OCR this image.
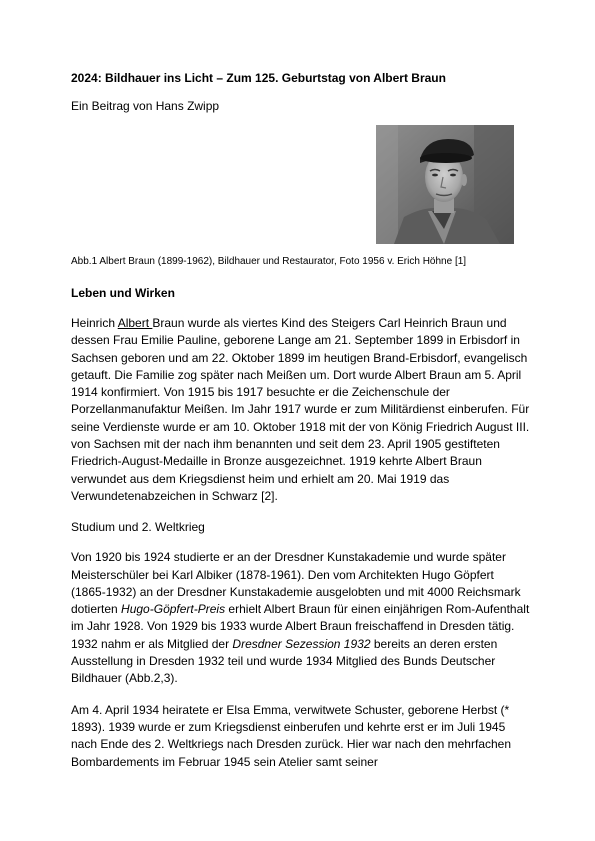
2024: Bildhauer ins Licht – Zum 125. Geburtstag von Albert Braun
Ein Beitrag von Hans Zwipp
Abb.1 Albert Braun (1899-1962), Bildhauer und Restaurator, Foto 1956 v. Erich Höhne [1]
Leben und Wirken

Heinrich Albert Braun wurde als viertes Kind des Steigers Carl Heinrich Braun und dessen Frau Emilie Pauline, geborene Lange am 21. September 1899 in Erbisdorf in Sachsen geboren und am 22. Oktober 1899 im heutigen Brand-Erbisdorf, evangelisch getauft. Die Familie zog später nach Meißen um. Dort wurde Albert Braun am 5. April 1914 konfirmiert. Von 1915 bis 1917 besuchte er die Zeichenschule der Porzellanmanufaktur Meißen. Im Jahr 1917 wurde er zum Militärdienst einberufen. Für seine Verdienste wurde er am 10. Oktober 1918 mit der von König Friedrich August III. von Sachsen mit der nach ihm benannten und seit dem 23. April 1905 gestifteten Friedrich-August-Medaille in Bronze ausgezeichnet. 1919 kehrte Albert Braun verwundet aus dem Kriegsdienst heim und erhielt am 20. Mai 1919 das Verwundetenabzeichen in Schwarz [2].

Studium und 2. Weltkrieg

Von 1920 bis 1924 studierte er an der Dresdner Kunstakademie und wurde später Meisterschüler bei Karl Albiker (1878-1961). Den vom Architekten Hugo Göpfert (1865-1932) an der Dresdner Kunstakademie ausgelobten und mit 4000 Reichsmark dotierten Hugo-Göpfert-Preis erhielt Albert Braun für einen einjährigen Rom-Aufenthalt im Jahr 1928. Von 1929 bis 1933 wurde Albert Braun freischaffend in Dresden tätig. 1932 nahm er als Mitglied der Dresdner Sezession 1932 bereits an deren ersten Ausstellung in Dresden 1932 teil und wurde 1934 Mitglied des Bunds Deutscher Bildhauer (Abb.2,3).

Am 4. April 1934 heiratete er Elsa Emma, verwitwete Schuster, geborene Herbst (* 1893). 1939 wurde er zum Kriegsdienst einberufen und kehrte erst er im Juli 1945 nach Ende des 2. Weltkriegs nach Dresden zurück. Hier war nach den mehrfachen Bombardements im Februar 1945 sein Atelier samt seiner
